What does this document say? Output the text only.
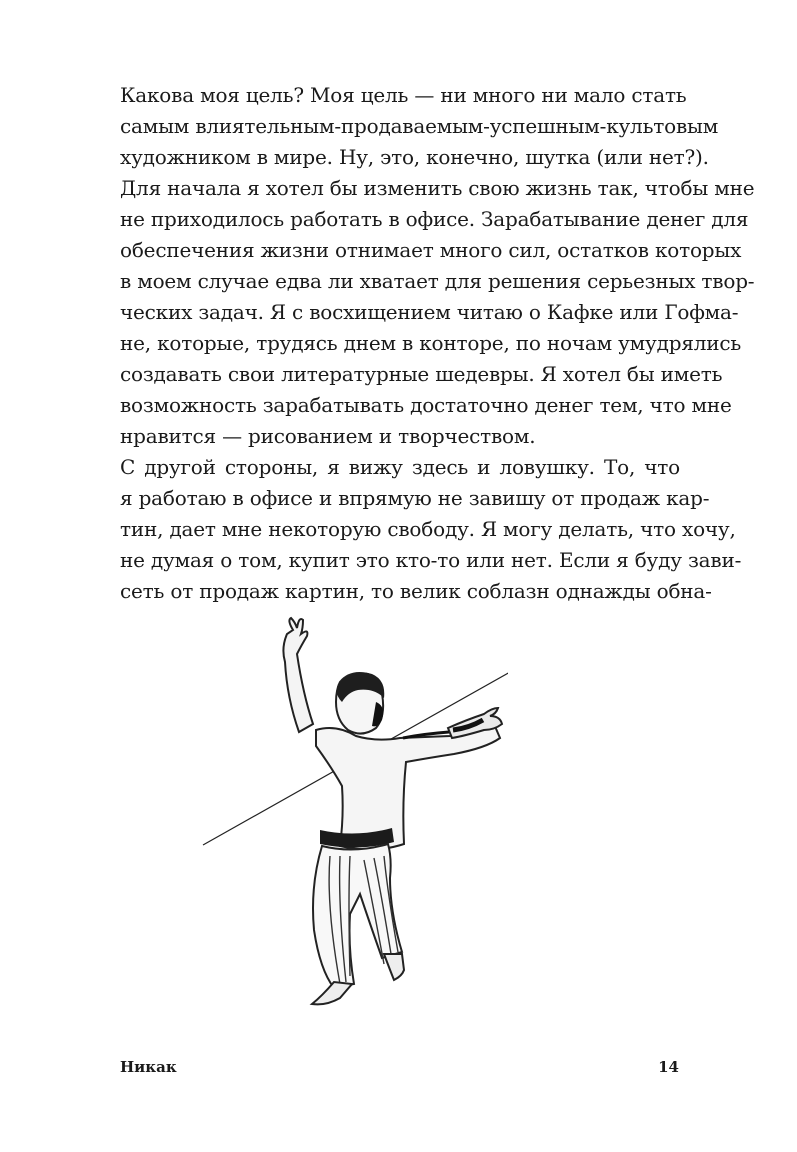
Какова моя цель? Моя цель — ни много ни мало стать
самым влиятельным-продаваемым-успешным-культовым
художником в мире. Ну, это, конечно, шутка (или нет?).
Для начала я хотел бы изменить свою жизнь так, чтобы мне
не приходилось работать в офисе. Зарабатывание денег для
обеспечения жизни отнимает много сил, остатков которых
в моем случае едва ли хватает для решения серьезных твор-
ческих задач. Я с восхищением читаю о Кафке или Гофма-
не, которые, трудясь днем в конторе, по ночам умудрялись
создавать свои литературные шедевры. Я хотел бы иметь
возможность зарабатывать достаточно денег тем, что мне
нравится — рисованием и творчеством.
С другой стороны, я вижу здесь и ловушку. То, что
я работаю в офисе и впрямую не завишу от продаж кар-
тин, дает мне некоторую свободу. Я могу делать, что хочу,
не думая о том, купит это кто-то или нет. Если я буду зави-
сеть от продаж картин, то велик соблазн однажды обна-
Никак	14
